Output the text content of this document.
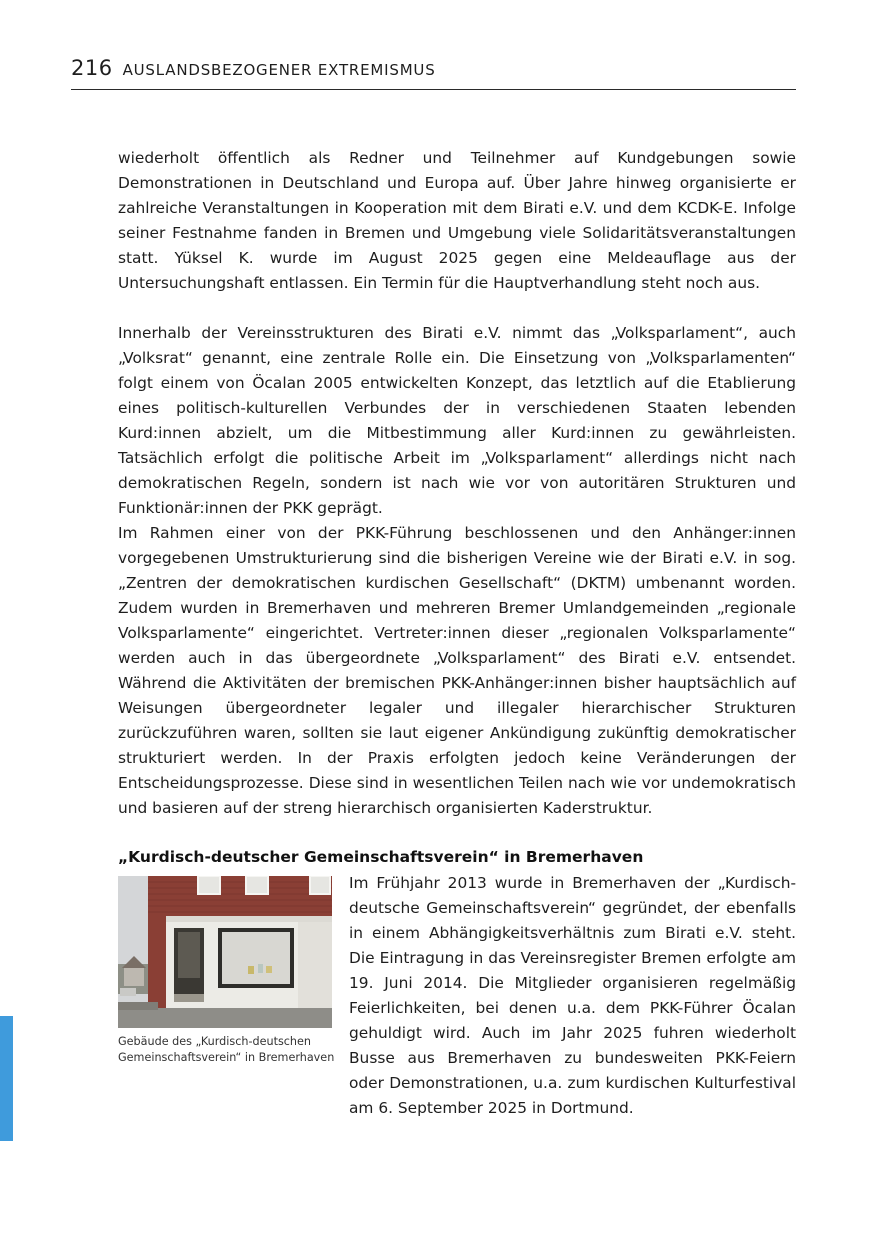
216 AUSLANDSBEZOGENER EXTREMISMUS

wiederholt öffentlich als Redner und Teilnehmer auf Kundgebungen sowie Demonstrationen in Deutschland und Europa auf. Über Jahre hinweg organisierte er zahlreiche Veranstaltungen in Kooperation mit dem Birati e.V. und dem KCDK-E. Infolge seiner Festnahme fanden in Bremen und Umgebung viele Solidaritätsveranstaltungen statt. Yüksel K. wurde im August 2025 gegen eine Meldeauflage aus der Untersuchungshaft entlassen. Ein Termin für die Hauptverhandlung steht noch aus.

Innerhalb der Vereinsstrukturen des Birati e.V. nimmt das „Volksparlament“, auch „Volksrat“ genannt, eine zentrale Rolle ein. Die Einsetzung von „Volksparlamenten“ folgt einem von Öcalan 2005 entwickelten Konzept, das letztlich auf die Etablierung eines politisch-kulturellen Verbundes der in verschiedenen Staaten lebenden Kurd:innen abzielt, um die Mitbestimmung aller Kurd:innen zu gewährleisten. Tatsächlich erfolgt die politische Arbeit im „Volksparlament“ allerdings nicht nach demokratischen Regeln, sondern ist nach wie vor von autoritären Strukturen und Funktionär:innen der PKK geprägt.

Im Rahmen einer von der PKK-Führung beschlossenen und den Anhänger:innen vorgegebenen Umstrukturierung sind die bisherigen Vereine wie der Birati e.V. in sog. „Zentren der demokratischen kurdischen Gesellschaft“ (DKTM) umbenannt worden. Zudem wurden in Bremerhaven und mehreren Bremer Umlandgemeinden „regionale Volksparlamente“ eingerichtet. Vertreter:innen dieser „regionalen Volksparlamente“ werden auch in das übergeordnete „Volksparlament“ des Birati e.V. entsendet. Während die Aktivitäten der bremischen PKK-Anhänger:innen bisher hauptsächlich auf Weisungen übergeordneter legaler und illegaler hierarchischer Strukturen zurückzuführen waren, sollten sie laut eigener Ankündigung zukünftig demokratischer strukturiert werden. In der Praxis erfolgten jedoch keine Veränderungen der Entscheidungsprozesse. Diese sind in wesentlichen Teilen nach wie vor undemokratisch und basieren auf der streng hierarchisch organisierten Kaderstruktur.

„Kurdisch-deutscher Gemeinschaftsverein“ in Bremerhaven

Gebäude des „Kurdisch-deutschen Gemeinschaftsverein“ in Bremerhaven

Im Frühjahr 2013 wurde in Bremerhaven der „Kurdisch-deutsche Gemeinschaftsverein“ gegründet, der ebenfalls in einem Abhängigkeitsverhältnis zum Birati e.V. steht. Die Eintragung in das Vereinsregister Bremen erfolgte am 19. Juni 2014. Die Mitglieder organisieren regelmäßig Feierlichkeiten, bei denen u.a. dem PKK-Führer Öcalan gehuldigt wird. Auch im Jahr 2025 fuhren wiederholt Busse aus Bremerhaven zu bundesweiten PKK-Feiern oder Demonstrationen, u.a. zum kurdischen Kulturfestival am 6. September 2025 in Dortmund.
